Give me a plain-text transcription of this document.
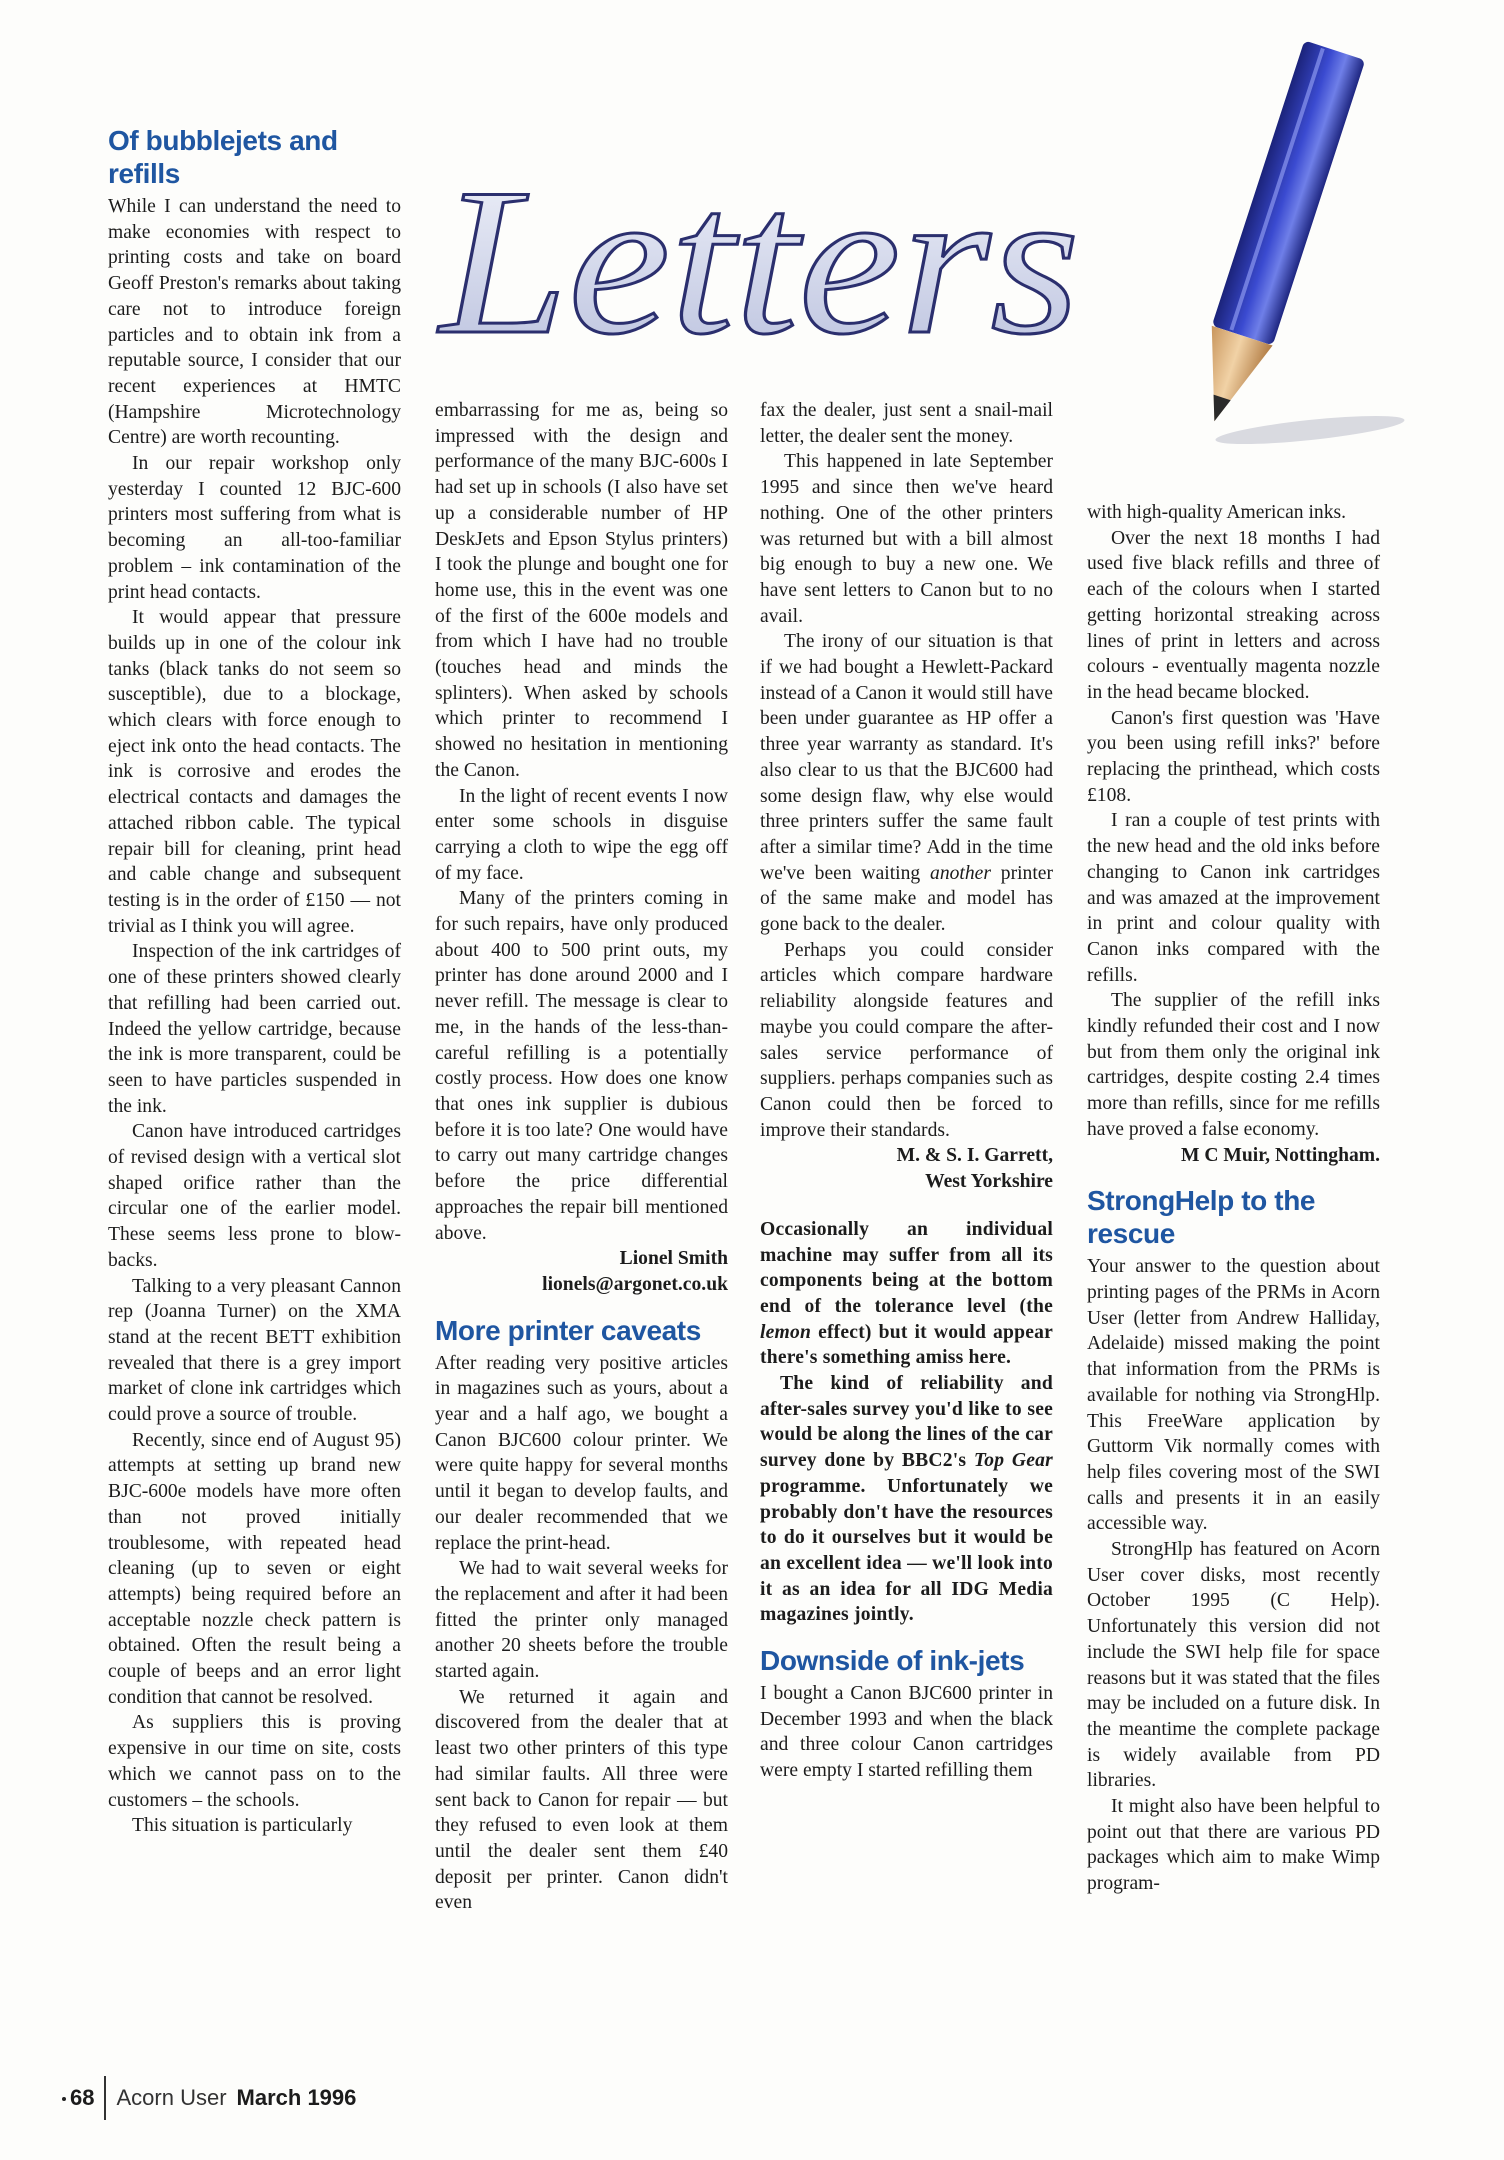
Letters
Of bubblejets and refills

While I can understand the need to make economies with respect to printing costs and take on board Geoff Preston's remarks about taking care not to introduce foreign particles and to obtain ink from a reputable source, I consider that our recent experiences at HMTC (Hampshire Microtechnology Centre) are worth recounting.

In our repair workshop only yesterday I counted 12 BJC-600 printers most suffering from what is becoming an all-too-familiar problem – ink contamination of the print head contacts.

It would appear that pressure builds up in one of the colour ink tanks (black tanks do not seem so susceptible), due to a blockage, which clears with force enough to eject ink onto the head contacts. The ink is corrosive and erodes the electrical contacts and damages the attached ribbon cable. The typical repair bill for cleaning, print head and cable change and subsequent testing is in the order of £150 — not trivial as I think you will agree.

Inspection of the ink cartridges of one of these printers showed clearly that refilling had been carried out. Indeed the yellow cartridge, because the ink is more transparent, could be seen to have particles suspended in the ink.

Canon have introduced cartridges of revised design with a vertical slot shaped orifice rather than the circular one of the earlier model. These seems less prone to blow-backs.

Talking to a very pleasant Cannon rep (Joanna Turner) on the XMA stand at the recent BETT exhibition revealed that there is a grey import market of clone ink cartridges which could prove a source of trouble.

Recently, since end of August 95) attempts at setting up brand new BJC-600e models have more often than not proved initially troublesome, with repeated head cleaning (up to seven or eight attempts) being required before an acceptable nozzle check pattern is obtained. Often the result being a couple of beeps and an error light condition that cannot be resolved.

As suppliers this is proving expensive in our time on site, costs which we cannot pass on to the customers – the schools.

This situation is particularly

embarrassing for me as, being so impressed with the design and performance of the many BJC-600s I had set up in schools (I also have set up a considerable number of HP DeskJets and Epson Stylus printers) I took the plunge and bought one for home use, this in the event was one of the first of the 600e models and from which I have had no trouble (touches head and minds the splinters). When asked by schools which printer to recommend I showed no hesitation in mentioning the Canon.

In the light of recent events I now enter some schools in disguise carrying a cloth to wipe the egg off of my face.

Many of the printers coming in for such repairs, have only produced about 400 to 500 print outs, my printer has done around 2000 and I never refill. The message is clear to me, in the hands of the less-than-careful refilling is a potentially costly process. How does one know that ones ink supplier is dubious before it is too late? One would have to carry out many cartridge changes before the price differential approaches the repair bill mentioned above.

Lionel Smith
lionels@argonet.co.uk
More printer caveats

After reading very positive articles in magazines such as yours, about a year and a half ago, we bought a Canon BJC600 colour printer. We were quite happy for several months until it began to develop faults, and our dealer recommended that we replace the print-head.

We had to wait several weeks for the replacement and after it had been fitted the printer only managed another 20 sheets before the trouble started again.

We returned it again and discovered from the dealer that at least two other printers of this type had similar faults. All three were sent back to Canon for repair — but they refused to even look at them until the dealer sent them £40 deposit per printer. Canon didn't even

fax the dealer, just sent a snail-mail letter, the dealer sent the money.

This happened in late September 1995 and since then we've heard nothing. One of the other printers was returned but with a bill almost big enough to buy a new one. We have sent letters to Canon but to no avail.

The irony of our situation is that if we had bought a Hewlett-Packard instead of a Canon it would still have been under guarantee as HP offer a three year warranty as standard. It's also clear to us that the BJC600 had some design flaw, why else would three printers suffer the same fault after a similar time? Add in the time we've been waiting another printer of the same make and model has gone back to the dealer.

Perhaps you could consider articles which compare hardware reliability alongside features and maybe you could compare the after-sales service performance of suppliers. perhaps companies such as Canon could then be forced to improve their standards.

M. & S. I. Garrett,
West Yorkshire

Occasionally an individual machine may suffer from all its components being at the bottom end of the tolerance level (the lemon effect) but it would appear there's something amiss here.

The kind of reliability and after-sales survey you'd like to see would be along the lines of the car survey done by BBC2's Top Gear programme. Unfortunately we probably don't have the resources to do it ourselves but it would be an excellent idea — we'll look into it as an idea for all IDG Media magazines jointly.

Downside of ink-jets

I bought a Canon BJC600 printer in December 1993 and when the black and three colour Canon cartridges were empty I started refilling them

with high-quality American inks.

Over the next 18 months I had used five black refills and three of each of the colours when I started getting horizontal streaking across lines of print in letters and across colours - eventually magenta nozzle in the head became blocked.

Canon's first question was 'Have you been using refill inks?' before replacing the printhead, which costs £108.

I ran a couple of test prints with the new head and the old inks before changing to Canon ink cartridges and was amazed at the improvement in print and colour quality with Canon inks compared with the refills.

The supplier of the refill inks kindly refunded their cost and I now but from them only the original ink cartridges, despite costing 2.4 times more than refills, since for me refills have proved a false economy.

M C Muir, Nottingham.
StrongHelp to the rescue

Your answer to the question about printing pages of the PRMs in Acorn User (letter from Andrew Halliday, Adelaide) missed making the point that information from the PRMs is available for nothing via StrongHlp. This FreeWare application by Guttorm Vik normally comes with help files covering most of the SWI calls and presents it in an easily accessible way.

StrongHlp has featured on Acorn User cover disks, most recently October 1995 (C Help). Unfortunately this version did not include the SWI help file for space reasons but it was stated that the files may be included on a future disk. In the meantime the complete package is widely available from PD libraries.

It might also have been helpful to point out that there are various PD packages which aim to make Wimp program-

68 Acorn User March 1996
